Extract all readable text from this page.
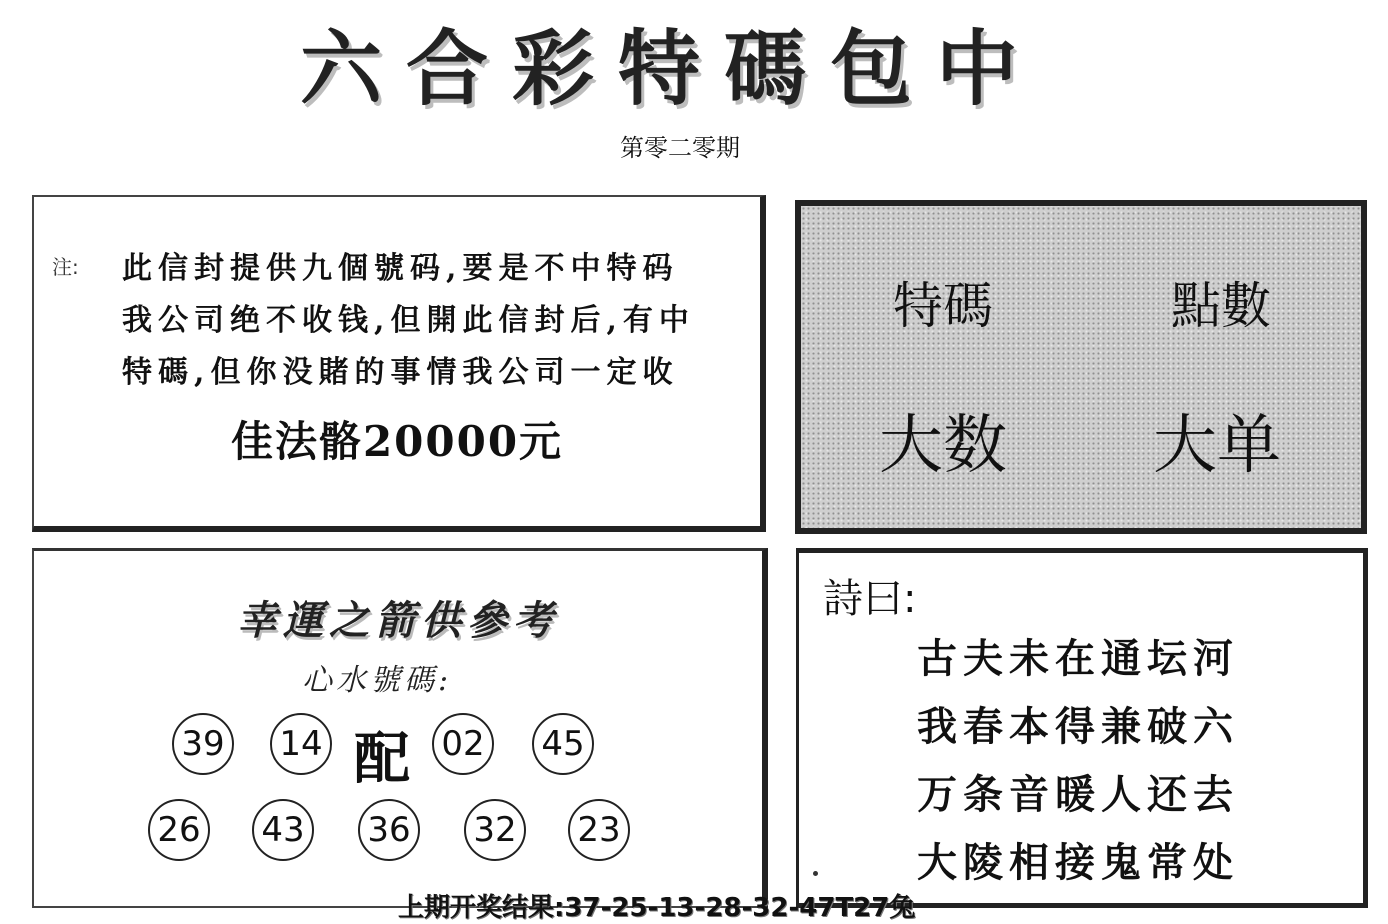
六合彩特碼包中
第零二零期
注: 此信封提供九個號码,要是不中特码
我公司绝不收钱,但開此信封后,有中
特碼,但你没賭的事情我公司一定收
佳法骼20000元
特碼	點數
大数	大单
幸運之箭供參考
心水號碼:
39 14 配 02 45
26 43 36 32 23
詩曰:
古夫未在通坛河
我春本得兼破六
万条音暖人还去
大陵相接鬼常处
上期开奖结果:37-25-13-28-32-47T27兔
